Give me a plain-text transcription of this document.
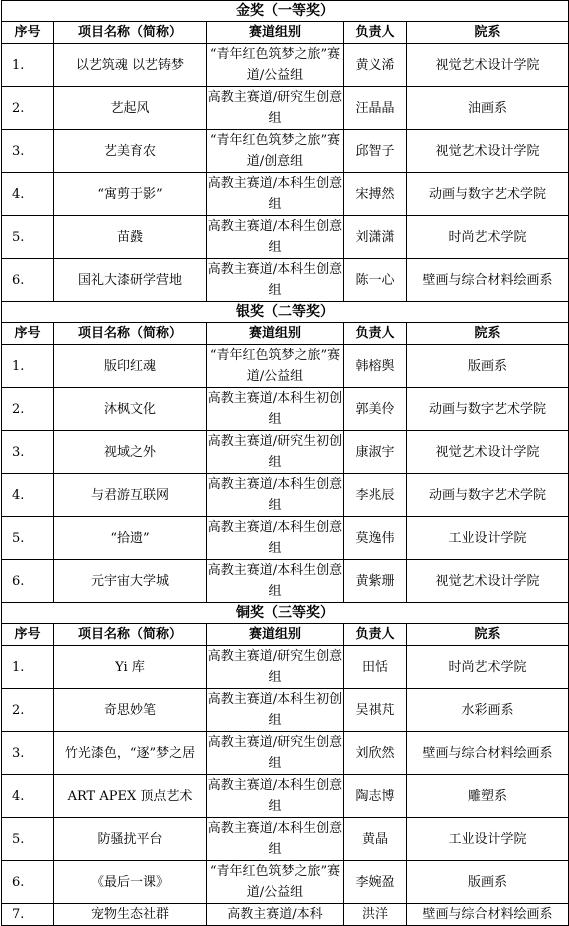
金奖（一等奖）				
序号	项目名称（简称）	赛道组别	负责人	院系
1.	以艺筑魂 以艺铸梦	“青年红色筑梦之旅”赛道/公益组	黄义浠	视觉艺术设计学院
2.	艺起风	高教主赛道/研究生创意组	汪晶晶	油画系
3.	艺美育农	“青年红色筑梦之旅”赛道/创意组	邱智子	视觉艺术设计学院
4.	“寓剪于影”	高教主赛道/本科生创意组	宋搏然	动画与数字艺术学院
5.	苗鼗	高教主赛道/本科生创意组	刘潇潇	时尚艺术学院
6.	国礼大漆研学营地	高教主赛道/本科生创意组	陈一心	壁画与综合材料绘画系
银奖（二等奖）				
序号	项目名称（简称）	赛道组别	负责人	院系
1.	版印红魂	“青年红色筑梦之旅”赛道/公益组	韩榕舆	版画系
2.	沐枫文化	高教主赛道/本科生初创组	郭美伶	动画与数字艺术学院
3.	视域之外	高教主赛道/研究生初创组	康淑宇	视觉艺术设计学院
4.	与君游互联网	高教主赛道/本科生创意组	李兆辰	动画与数字艺术学院
5.	“拾遗”	高教主赛道/本科生创意组	莫逸伟	工业设计学院
6.	元宇宙大学城	高教主赛道/本科生创意组	黄紫珊	视觉艺术设计学院
铜奖（三等奖）				
序号	项目名称（简称）	赛道组别	负责人	院系
1.	Yi 库	高教主赛道/研究生创意组	田恬	时尚艺术学院
2.	奇思妙笔	高教主赛道/本科生初创组	吴祺芃	水彩画系
3.	竹光漆色，“逐”梦之居	高教主赛道/研究生创意组	刘欣然	壁画与综合材料绘画系
4.	ART APEX 顶点艺术	高教主赛道/本科生创意组	陶志博	雕塑系
5.	防骚扰平台	高教主赛道/本科生创意组	黄晶	工业设计学院
6.	《最后一课》	“青年红色筑梦之旅”赛道/公益组	李婉盈	版画系
7.	宠物生态社群	高教主赛道/本科	洪洋	壁画与综合材料绘画系
